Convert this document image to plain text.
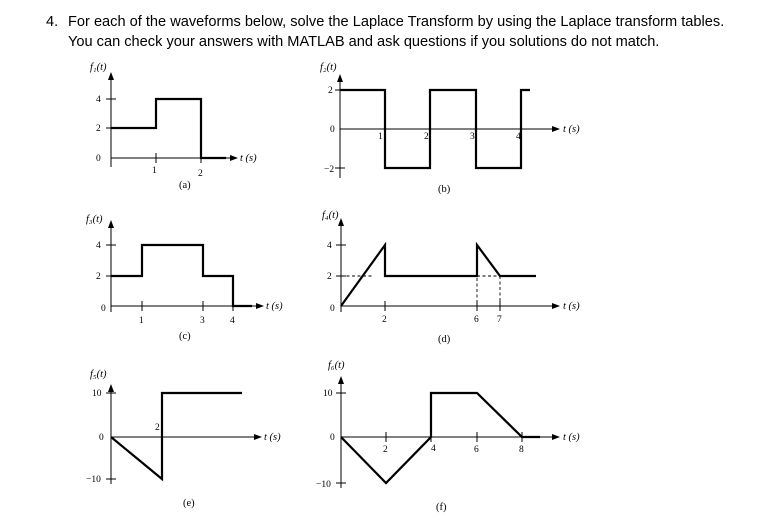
4. For each of the waveforms below, solve the Laplace Transform by using the Laplace transform tables.
You can check your answers with MATLAB and ask questions if you solutions do not match.
f₁(t)
t (s)
4
2
0
1	2
(a)
f₂(t)
t (s)
2
0
−2
1	2	3	4
(b)
f₃(t)
t (s)
4
2
0
1	3	4
(c)
f₄(t)
t (s)
4
2
0
2	6 7
(d)
f₅(t)
t (s)
10
0
−10
2
(e)
f₆(t)
t (s)
10
0
−10
2	4	6	8
(f)
